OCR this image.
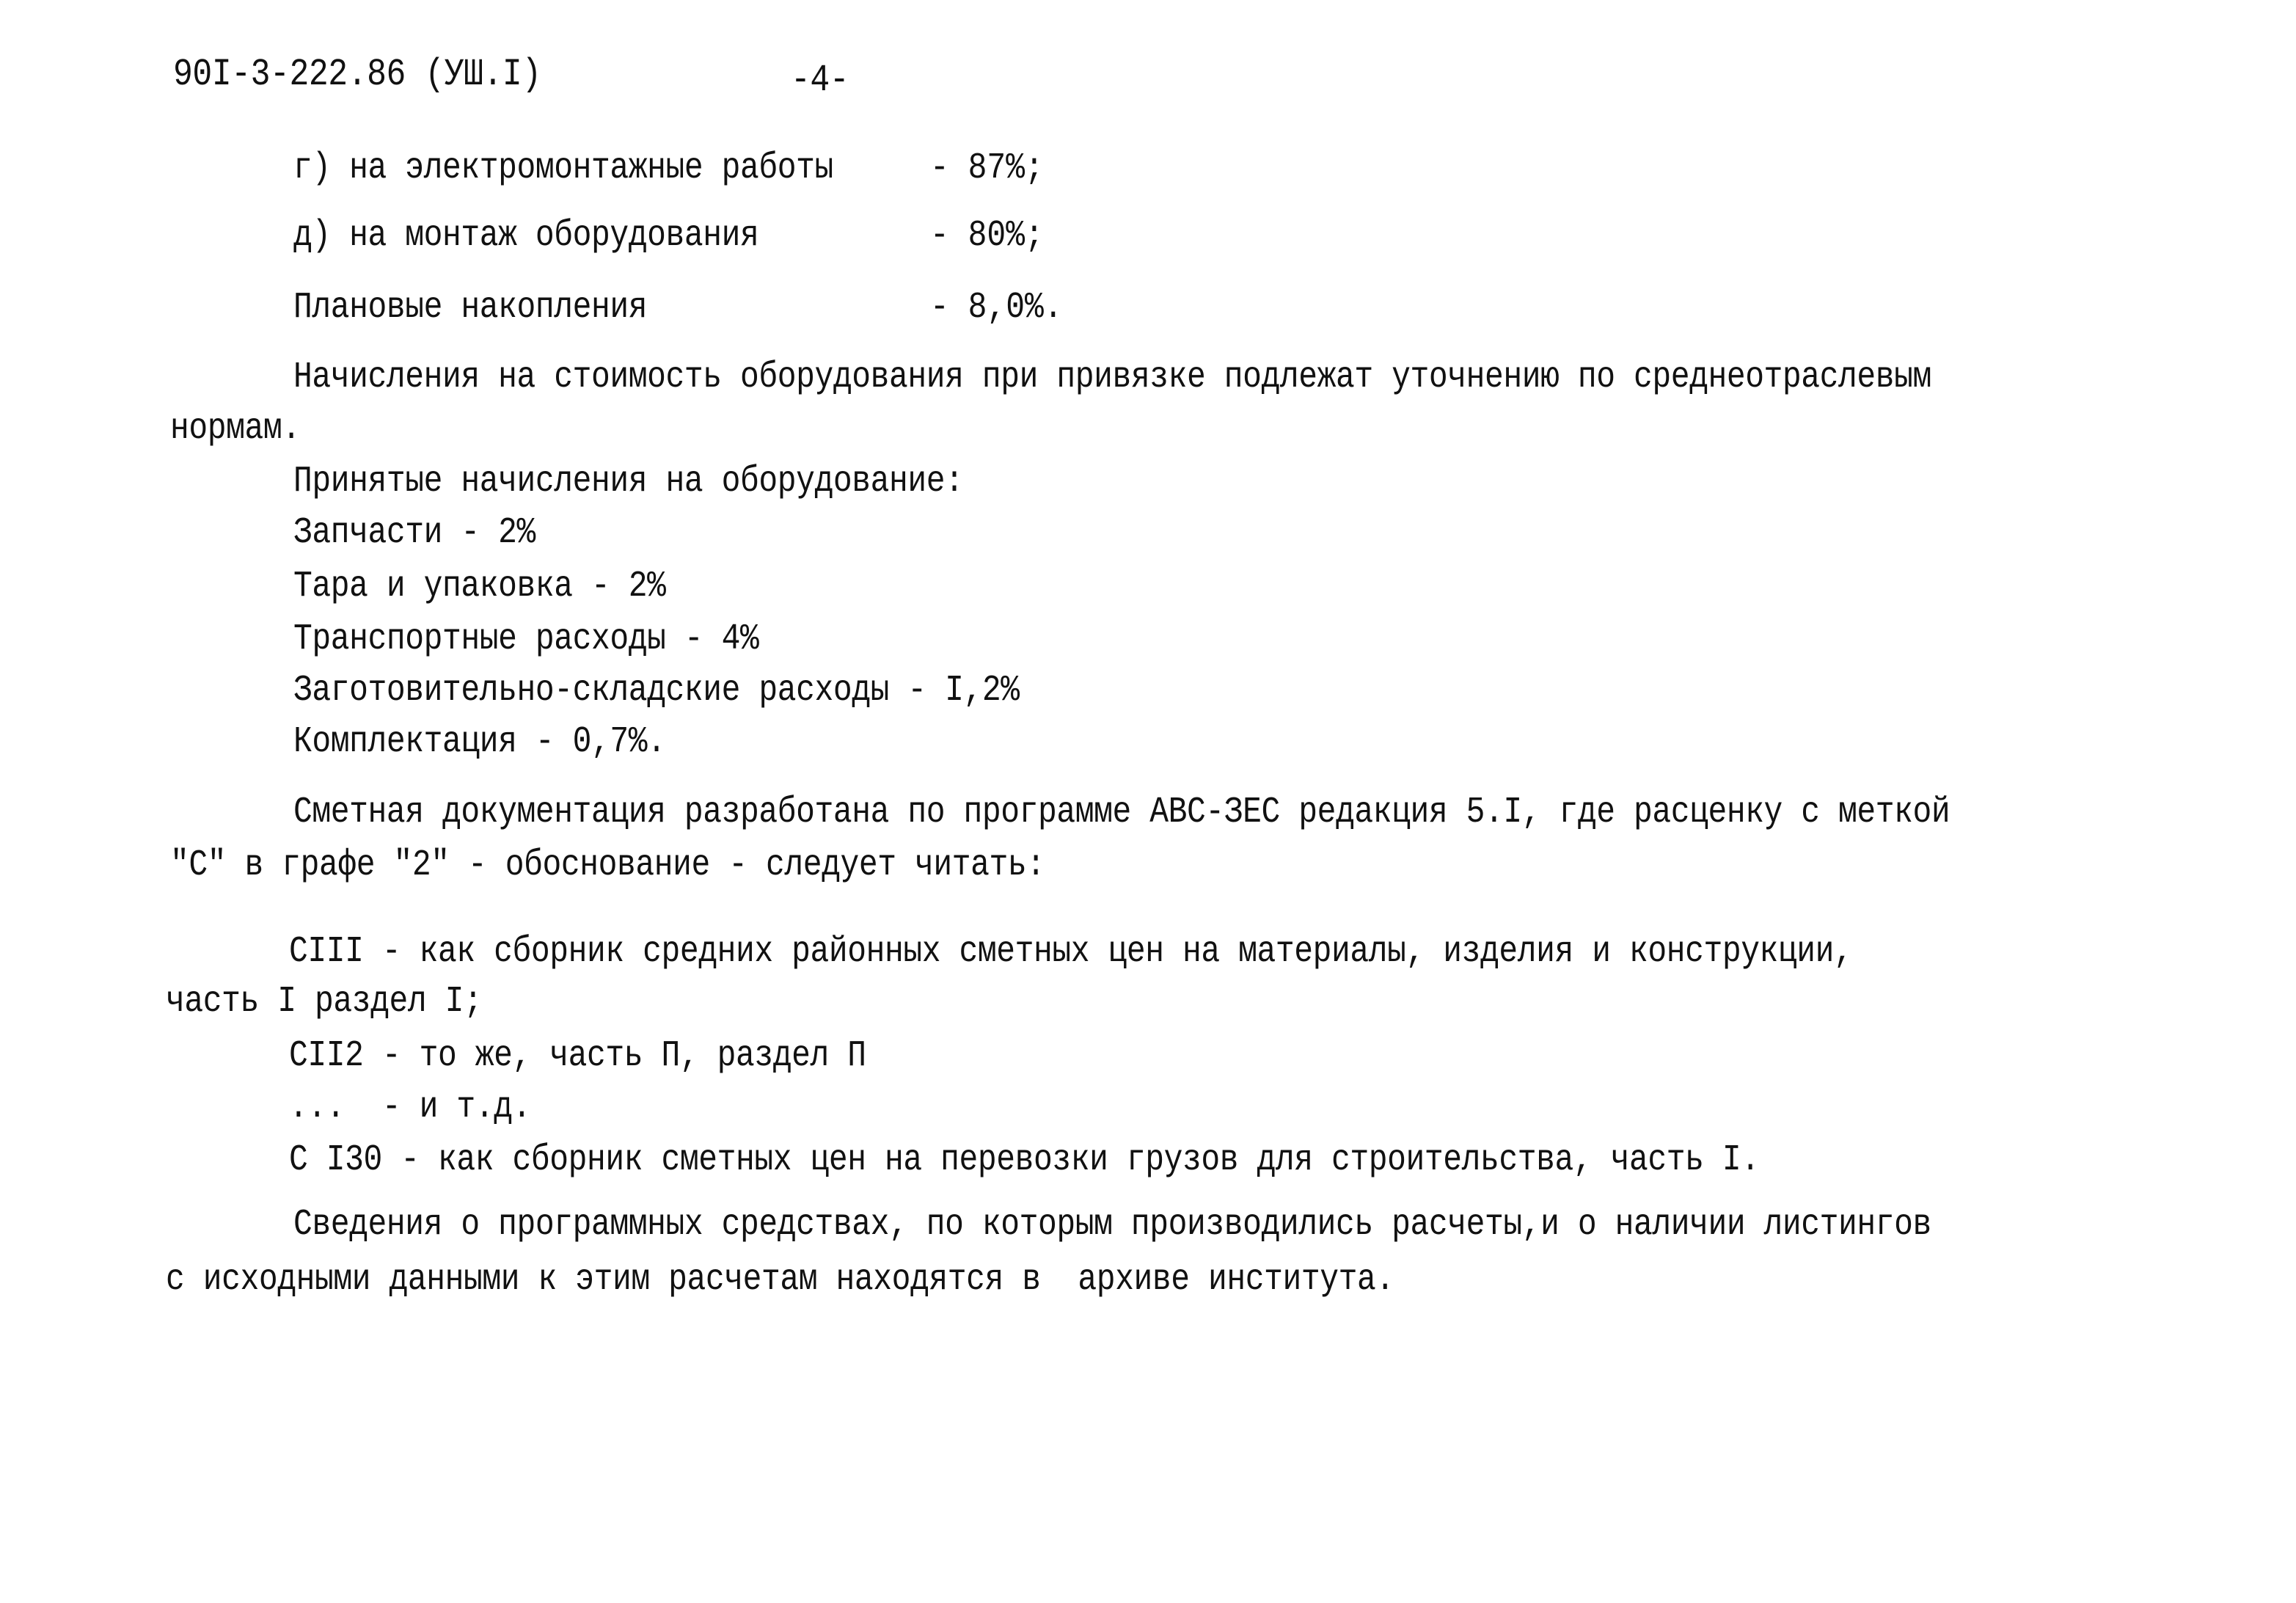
90I-3-222.86 (УШ.I)	-4-
г) на электромонтажные работы	- 87%;
д) на монтаж оборудования	- 80%;
Плановые накопления	- 8,0%.
Начисления на стоимость оборудования при привязке подлежат уточнению по среднеотраслевым
нормам.
Принятые начисления на оборудование:
Запчасти - 2%
Тара и упаковка - 2%
Транспортные расходы - 4%
Заготовительно-складские расходы - I,2%
Комплектация - 0,7%.
Сметная документация разработана по программе АВС-ЗЕС редакция 5.I, где расценку с меткой
"С" в графе "2" - обоснование - следует читать:
СIII - как сборник средних районных сметных цен на материалы, изделия и конструкции,
часть I раздел I;
СII2 - то же, часть П, раздел П
...  - и т.д.
С I30 - как сборник сметных цен на перевозки грузов для строительства, часть I.
Сведения о программных средствах, по которым производились расчеты,и о наличии листингов
с исходными данными к этим расчетам находятся в  архиве института.
